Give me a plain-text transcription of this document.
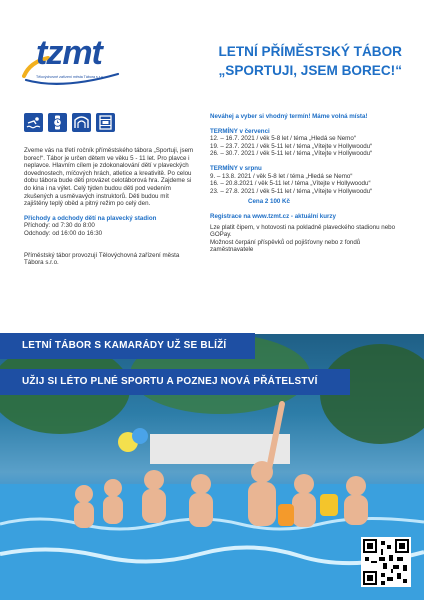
tzmt
Tělovýchovné zařízení města Tábora s.r.o.
LETNÍ PŘÍMĚSTSKÝ TÁBOR
„SPORTUJI, JSEM BOREC!“
Zveme vás na třetí ročník příměstského tábora „Sportuji, jsem borec!“. Tábor je určen dětem ve věku 5 - 11 let. Pro plavce i neplavce. Hlavním cílem je zdokonalování dětí v plaveckých dovednostech, míčových hrách, atletice a kreativitě. Po celou dobu tábora bude děti provázet celotáborová hra. Zajdeme si do kina i na výlet. Celý týden budou děti pod vedením zkušených a usměvavých instruktorů. Děti budou mít zajištěny teplý oběd a pitný režim po celý den.
Příchody a odchody dětí na plavecký stadion
Příchody: od 7:30 do 8:00
Odchody: od 16:00 do 16:30
Příměstský tábor provozují Tělovýchovná zařízení města Tábora s.r.o.
Neváhej a vyber si vhodný termín! Máme volná místa!
TERMÍNY v červenci
12. – 16.7. 2021 / věk 5-8 let / téma „Hledá se Nemo“
19. – 23.7. 2021 / věk 5-11 let / téma „Vítejte v Hollywoodu“
26. – 30.7. 2021 / věk 5-11 let / téma „Vítejte v Hollywoodu“
TERMÍNY v srpnu
9. – 13.8. 2021 / věk 5-8 let / téma „Hledá se Nemo“
16. – 20.8.2021 / věk 5-11 let / téma „Vítejte v Hollywoodu“
23. – 27.8. 2021 / věk 5-11 let / téma „Vítejte v Hollywoodu“
Cena 2 100 Kč
Registrace na www.tzmt.cz - aktuální kurzy
Lze platit čipem, v hotovosti na pokladně plaveckého stadionu nebo GOPay.
Možnost čerpání příspěvků od pojišťovny nebo z fondů zaměstnavatele
LETNÍ TÁBOR S KAMARÁDY UŽ SE BLÍŽÍ
UŽIJ SI LÉTO PLNÉ SPORTU A POZNEJ NOVÁ PŘÁTELSTVÍ
